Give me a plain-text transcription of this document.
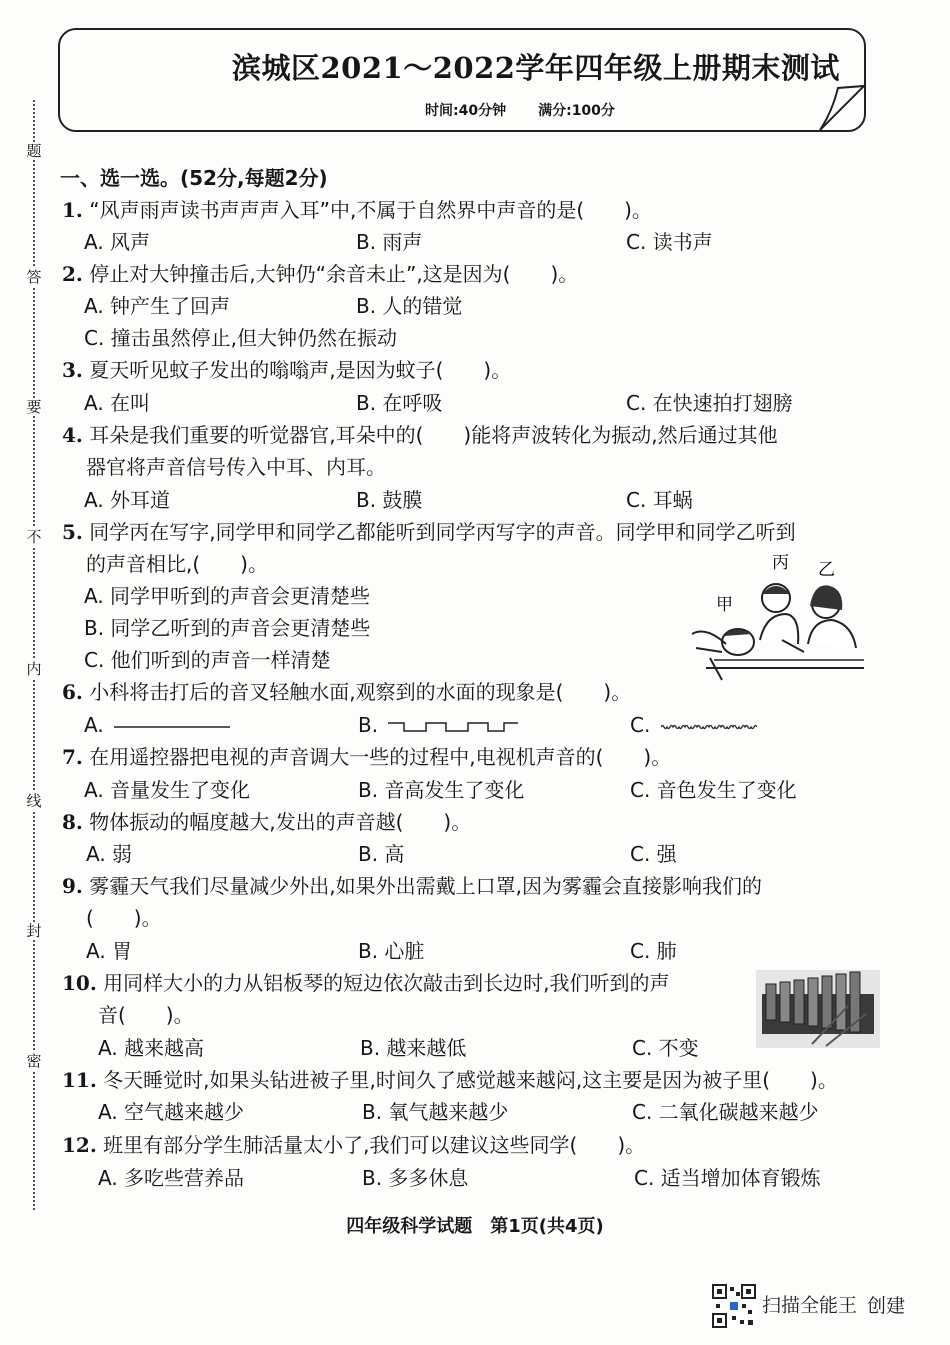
题
答
要
不
内
线
封
密
滨城区2021～2022学年四年级上册期末测试
时间:40分钟 满分:100分
一、选一选。(52分,每题2分)
1. “风声雨声读书声声声入耳”中,不属于自然界中声音的是(　　)。
A. 风声	B. 雨声	C. 读书声
2. 停止对大钟撞击后,大钟仍“余音未止”,这是因为(　　)。
A. 钟产生了回声	B. 人的错觉
C. 撞击虽然停止,但大钟仍然在振动
3. 夏天听见蚊子发出的嗡嗡声,是因为蚊子(　　)。
A. 在叫	B. 在呼吸	C. 在快速拍打翅膀
4. 耳朵是我们重要的听觉器官,耳朵中的(　　)能将声波转化为振动,然后通过其他
器官将声音信号传入中耳、内耳。
A. 外耳道	B. 鼓膜	C. 耳蜗
5. 同学丙在写字,同学甲和同学乙都能听到同学丙写字的声音。同学甲和同学乙听到
的声音相比,(　　)。
A. 同学甲听到的声音会更清楚些
B. 同学乙听到的声音会更清楚些
C. 他们听到的声音一样清楚
丙 乙
甲
6. 小科将击打后的音叉轻触水面,观察到的水面的现象是(　　)。
A.	B.	C.
7. 在用遥控器把电视的声音调大一些的过程中,电视机声音的(　　)。
A. 音量发生了变化	B. 音高发生了变化	C. 音色发生了变化
8. 物体振动的幅度越大,发出的声音越(　　)。
A. 弱	B. 高	C. 强
9. 雾霾天气我们尽量减少外出,如果外出需戴上口罩,因为雾霾会直接影响我们的
(　　)。
A. 胃	B. 心脏	C. 肺
10. 用同样大小的力从铝板琴的短边依次敲击到长边时,我们听到的声
音(　　)。
A. 越来越高	B. 越来越低	C. 不变
11. 冬天睡觉时,如果头钻进被子里,时间久了感觉越来越闷,这主要是因为被子里(　　)。
A. 空气越来越少	B. 氧气越来越少	C. 二氧化碳越来越少
12. 班里有部分学生肺活量太小了,我们可以建议这些同学(　　)。
A. 多吃些营养品	B. 多多休息	C. 适当增加体育锻炼
四年级科学试题 第1页(共4页)
扫描全能王 创建
